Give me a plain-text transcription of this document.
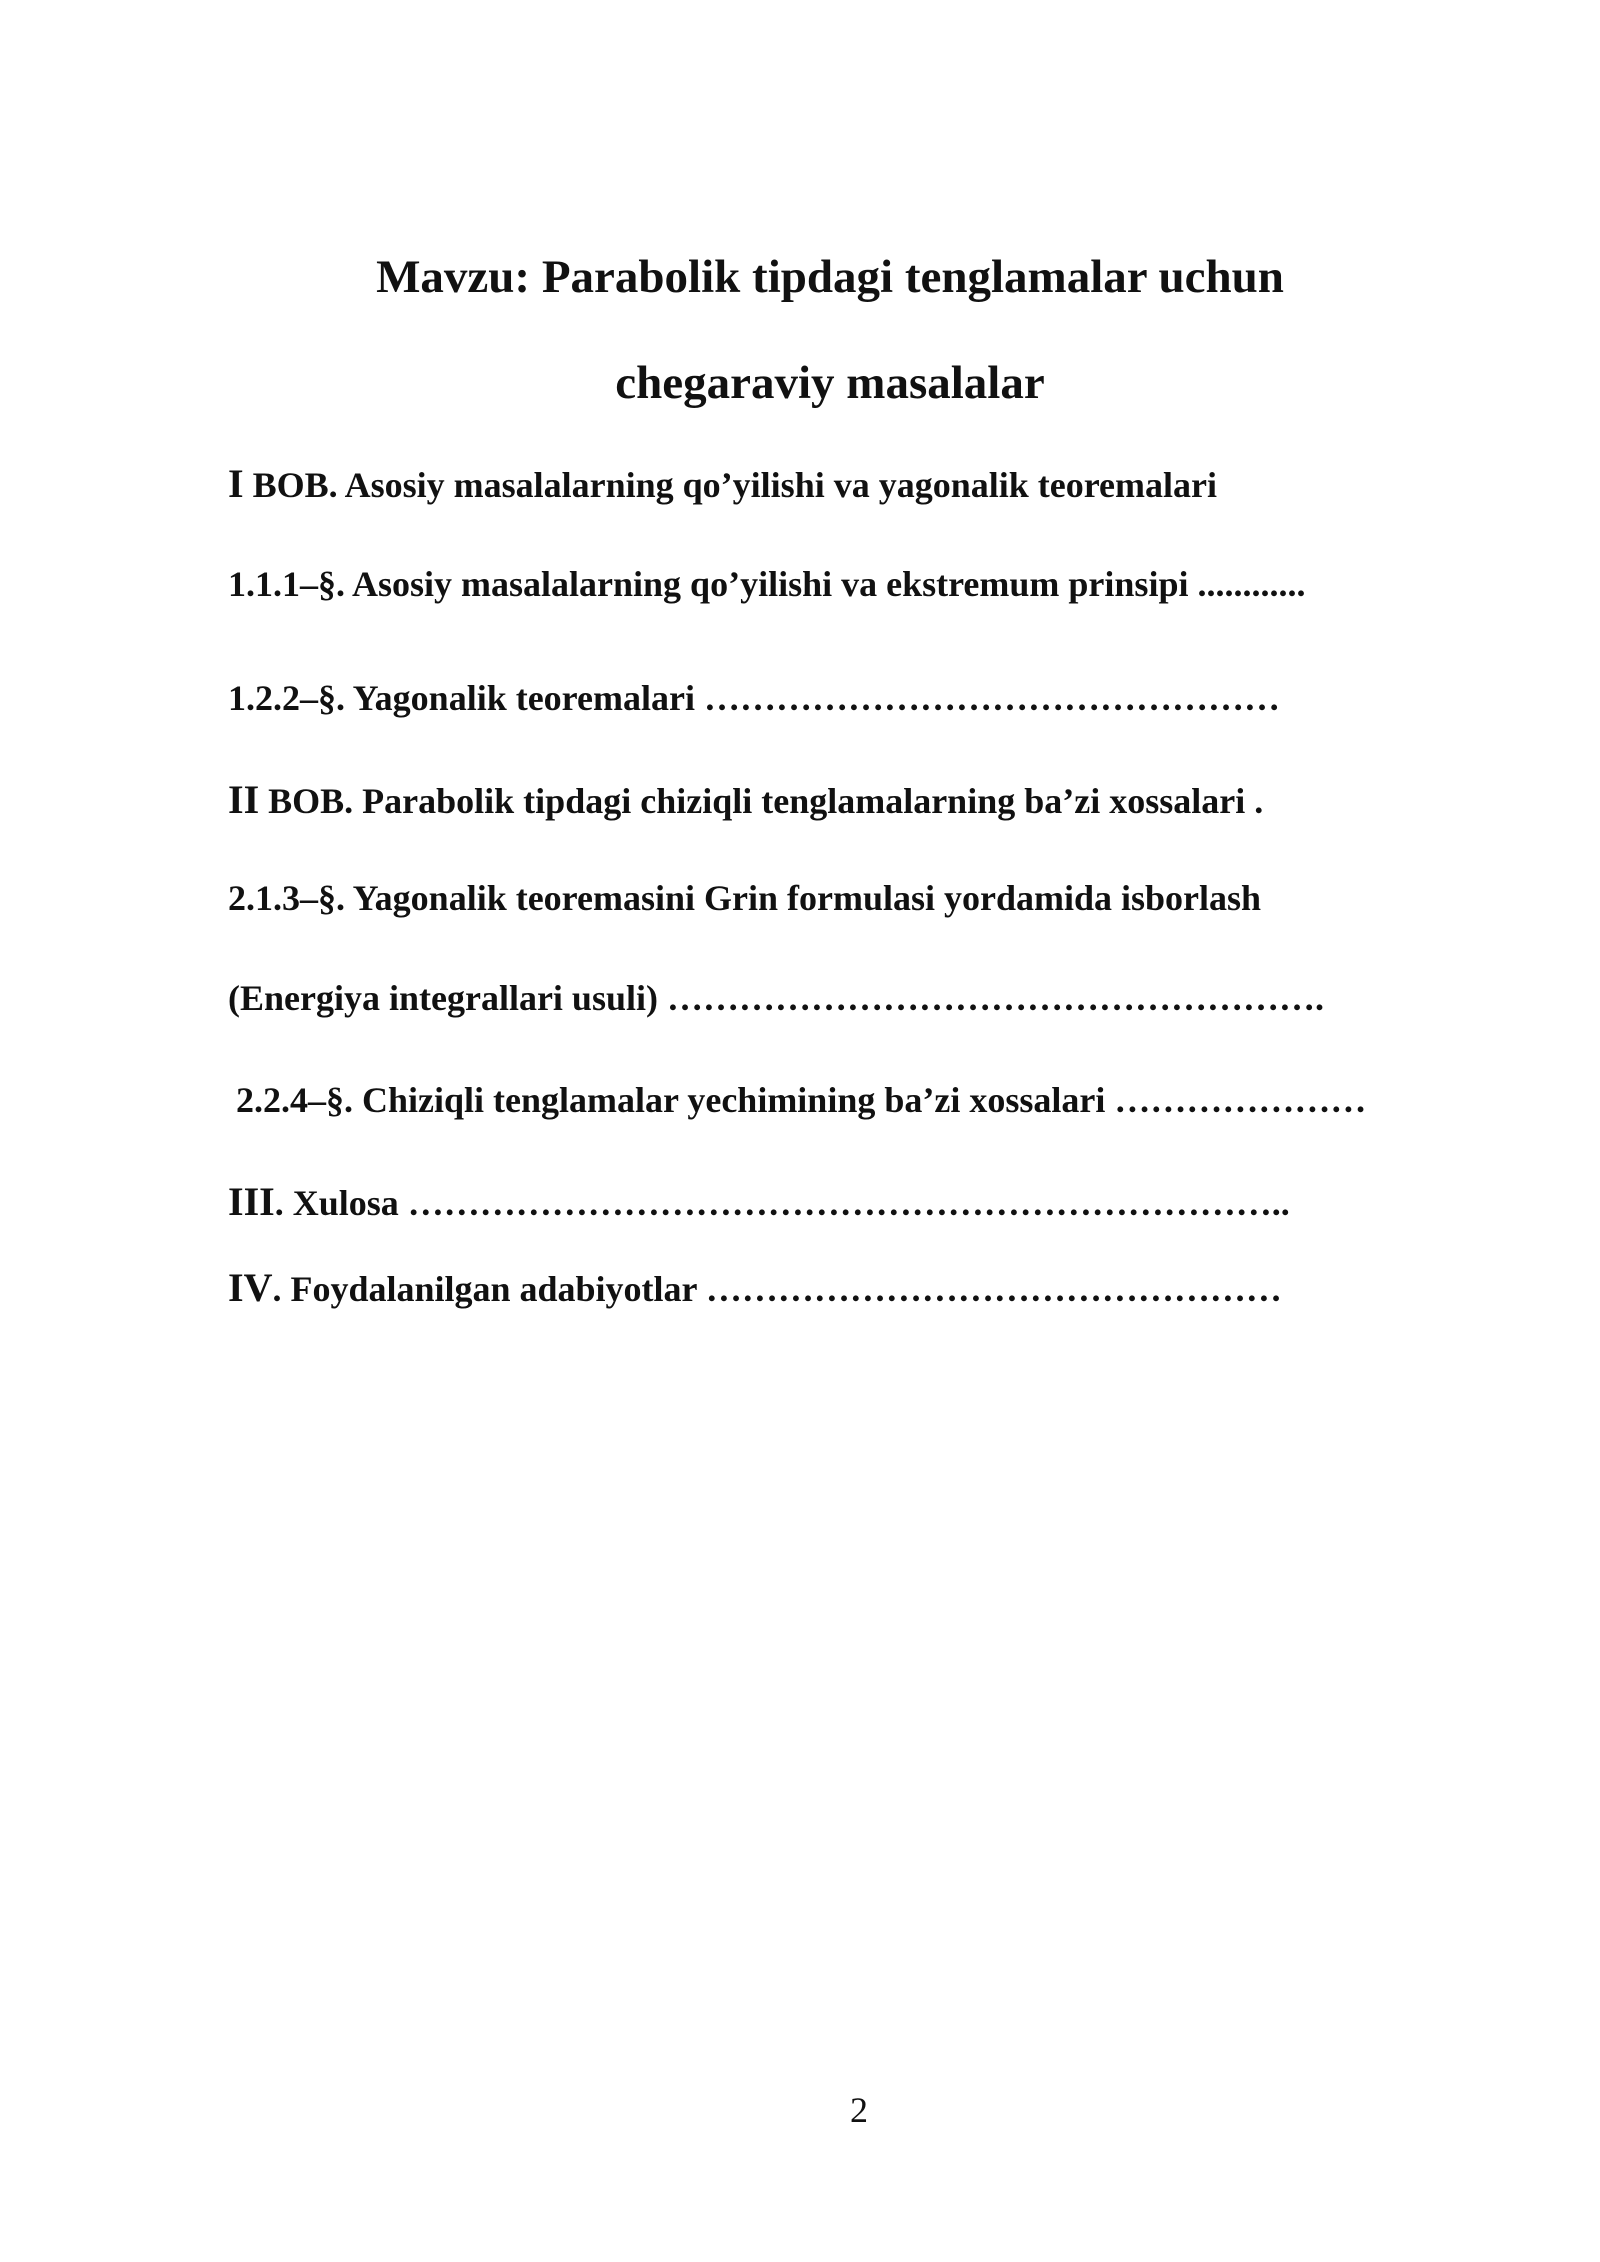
Mavzu: Parabolik tipdagi tenglamalar uchun
chegaraviy masalalar
I BOB. Asosiy masalalarning qo’yilishi va yagonalik teoremalari
1.1.1–§. Asosiy masalalarning qo’yilishi va ekstremum prinsipi ............
1.2.2–§. Yagonalik teoremalari …………………………………………
II BOB. Parabolik tipdagi chiziqli tenglamalarning ba’zi xossalari .
2.1.3–§. Yagonalik teoremasini Grin formulasi yordamida isborlash
(Energiya integrallari usuli) ……………………………………………….
2.2.4–§. Chiziqli tenglamalar yechimining ba’zi xossalari …………………
III. Xulosa ………………………………………………………………..
IV. Foydalanilgan adabiyotlar …………………………………………
2
